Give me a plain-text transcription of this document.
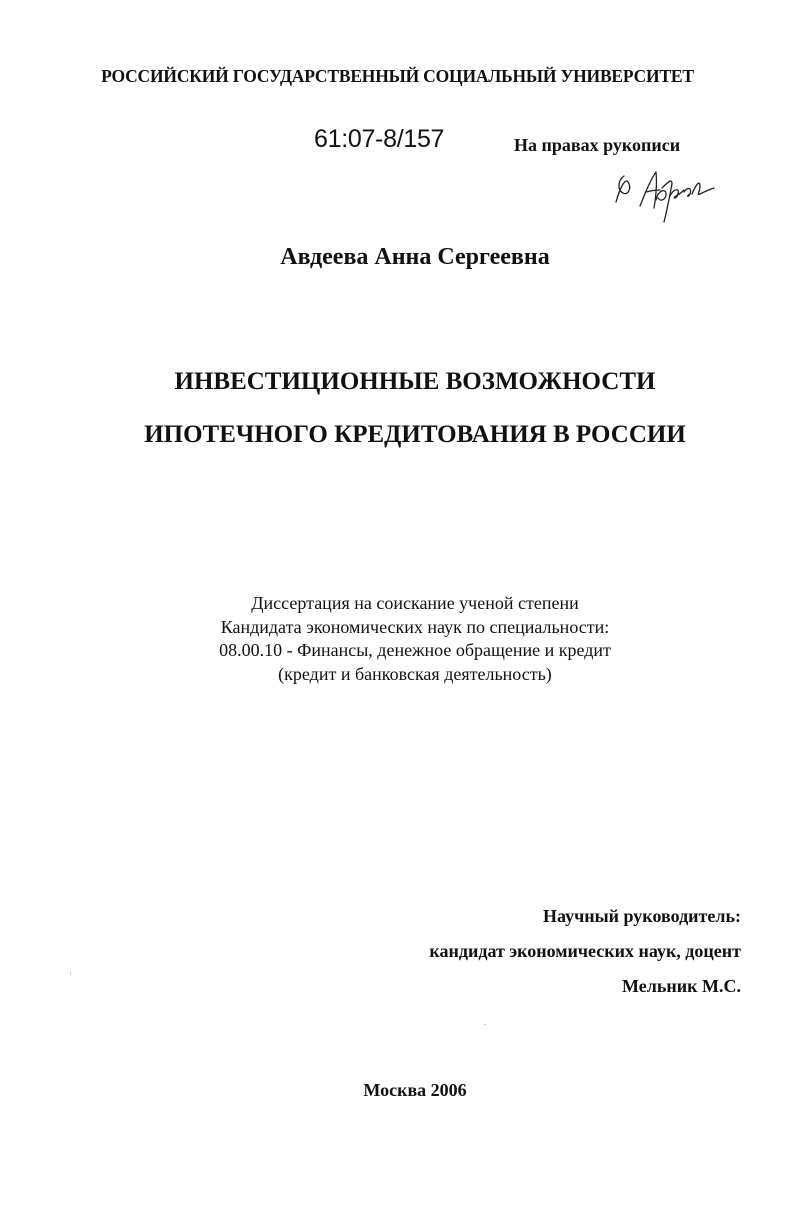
РОССИЙСКИЙ ГОСУДАРСТВЕННЫЙ СОЦИАЛЬНЫЙ УНИВЕРСИТЕТ
61:07-8/157	На правах рукописи
Авдеева Анна Сергеевна
ИНВЕСТИЦИОННЫЕ ВОЗМОЖНОСТИ
ИПОТЕЧНОГО КРЕДИТОВАНИЯ В РОССИИ
Диссертация на соискание ученой степени
Кандидата экономических наук по специальности:
08.00.10 - Финансы, денежное обращение и кредит
(кредит и банковская деятельность)
Научный руководитель:
кандидат экономических наук, доцент
Мельник М.С.
Москва 2006
